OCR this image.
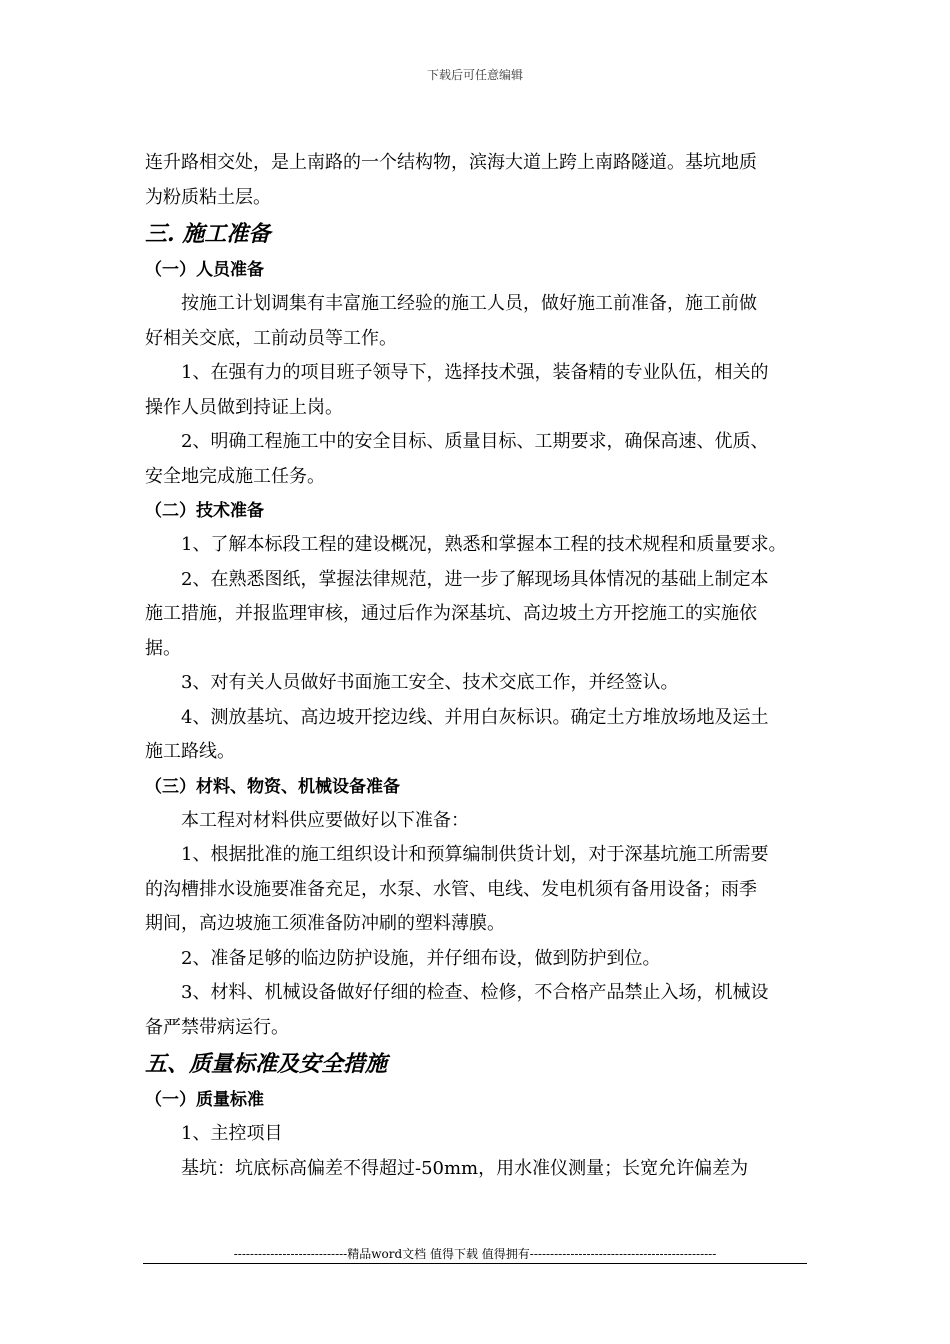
下载后可任意编辑

连升路相交处，是上南路的一个结构物，滨海大道上跨上南路隧道。基坑地质

为粉质粘土层。

三. 施工准备

（一）人员准备

按施工计划调集有丰富施工经验的施工人员，做好施工前准备，施工前做

好相关交底，工前动员等工作。

1、在强有力的项目班子领导下，选择技术强，装备精的专业队伍，相关的

操作人员做到持证上岗。

2、明确工程施工中的安全目标、质量目标、工期要求，确保高速、优质、

安全地完成施工任务。

（二）技术准备

1、了解本标段工程的建设概况，熟悉和掌握本工程的技术规程和质量要求。

2、在熟悉图纸，掌握法律规范，进一步了解现场具体情况的基础上制定本

施工措施，并报监理审核，通过后作为深基坑、高边坡土方开挖施工的实施依

据。

3、对有关人员做好书面施工安全、技术交底工作，并经签认。

4、测放基坑、高边坡开挖边线、并用白灰标识。确定土方堆放场地及运土

施工路线。

（三）材料、物资、机械设备准备

本工程对材料供应要做好以下准备：

1、根据批准的施工组织设计和预算编制供货计划，对于深基坑施工所需要

的沟槽排水设施要准备充足，水泵、水管、电线、发电机须有备用设备；雨季

期间，高边坡施工须准备防冲刷的塑料薄膜。

2、准备足够的临边防护设施，并仔细布设，做到防护到位。

3、材料、机械设备做好仔细的检查、检修，不合格产品禁止入场，机械设

备严禁带病运行。

五、质量标准及安全措施

（一）质量标准

1、主控项目

基坑：坑底标高偏差不得超过-50mm，用水准仪测量；长宽允许偏差为

----------------------------精品word文档 值得下载 值得拥有----------------------------------------------
